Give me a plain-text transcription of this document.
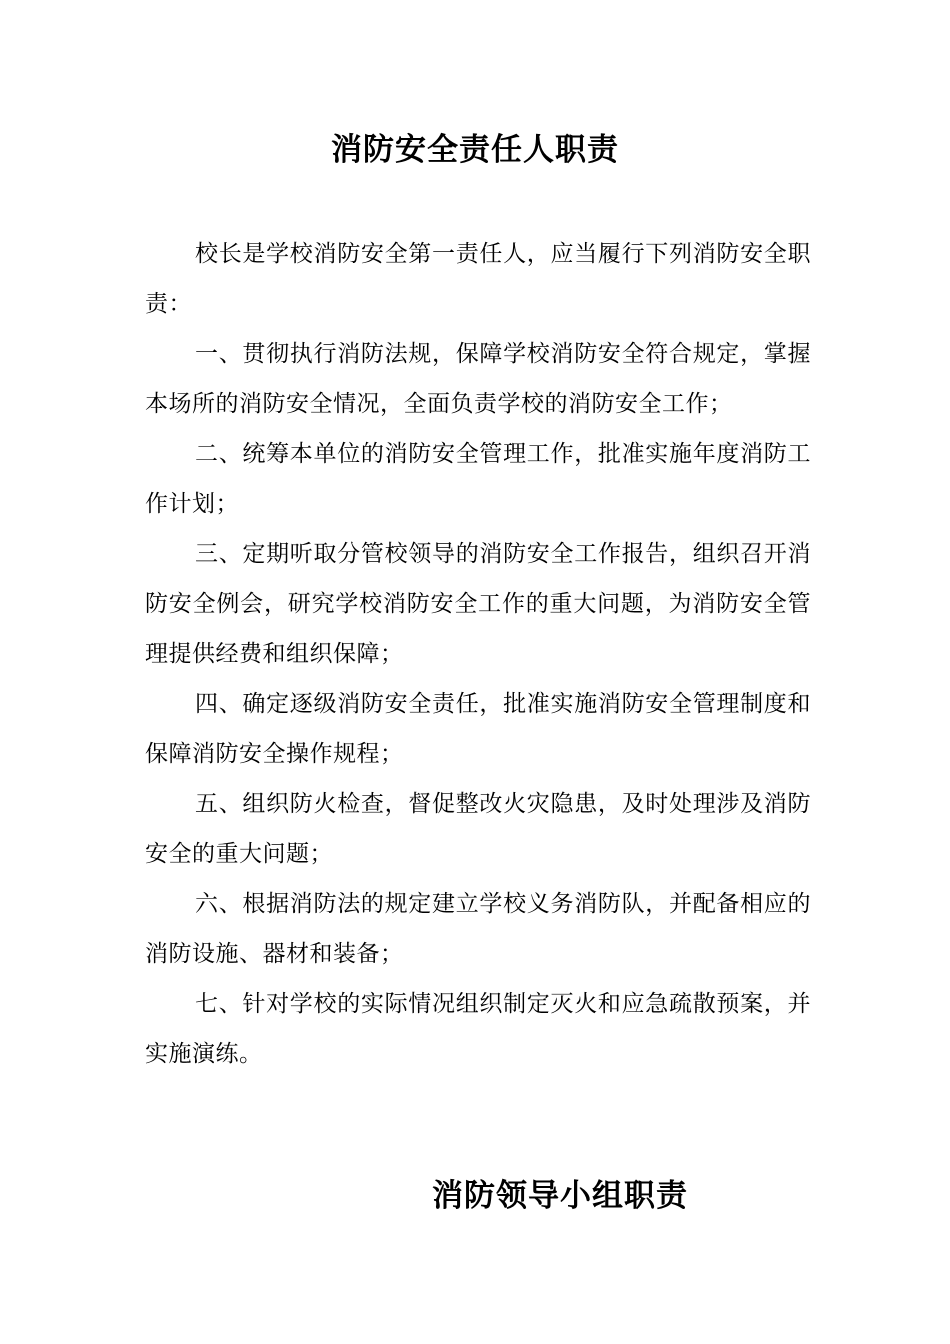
消防安全责任人职责

校长是学校消防安全第一责任人，应当履行下列消防安全职责：

一、贯彻执行消防法规，保障学校消防安全符合规定，掌握本场所的消防安全情况，全面负责学校的消防安全工作；

二、统筹本单位的消防安全管理工作，批准实施年度消防工作计划；

三、定期听取分管校领导的消防安全工作报告，组织召开消防安全例会，研究学校消防安全工作的重大问题，为消防安全管理提供经费和组织保障；

四、确定逐级消防安全责任，批准实施消防安全管理制度和保障消防安全操作规程；

五、组织防火检查，督促整改火灾隐患，及时处理涉及消防安全的重大问题；

六、根据消防法的规定建立学校义务消防队，并配备相应的消防设施、器材和装备；

七、针对学校的实际情况组织制定灭火和应急疏散预案，并实施演练。

消防领导小组职责
